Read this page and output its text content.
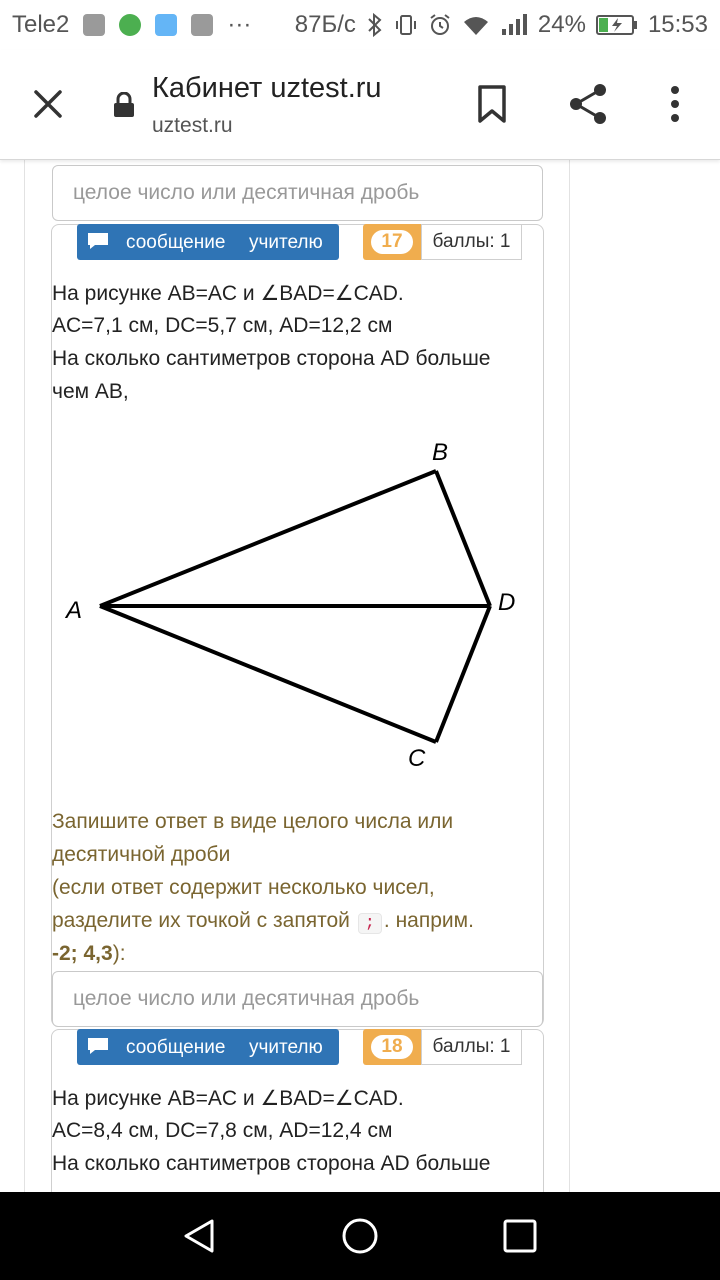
Tele2	··· 87Б/с	24%	15:53
Кабинет uztest.ru
uztest.ru
целое число или десятичная дробь
сообщение учителю	17	баллы: 1
На рисунке AB=AC и ∠BAD=∠CAD.
AC=7,1 см, DC=5,7 см, AD=12,2 см
На сколько сантиметров сторона AD больше
чем AB,
A
B
C
D
Запишите ответ в виде целого числа или
десятичной дроби
(если ответ содержит несколько чисел,
разделите их точкой с запятой ; . наприм.
-2; 4,3):
целое число или десятичная дробь
сообщение учителю	18	баллы: 1
На рисунке AB=AC и ∠BAD=∠CAD.
AC=8,4 см, DC=7,8 см, AD=12,4 см
На сколько сантиметров сторона AD больше
